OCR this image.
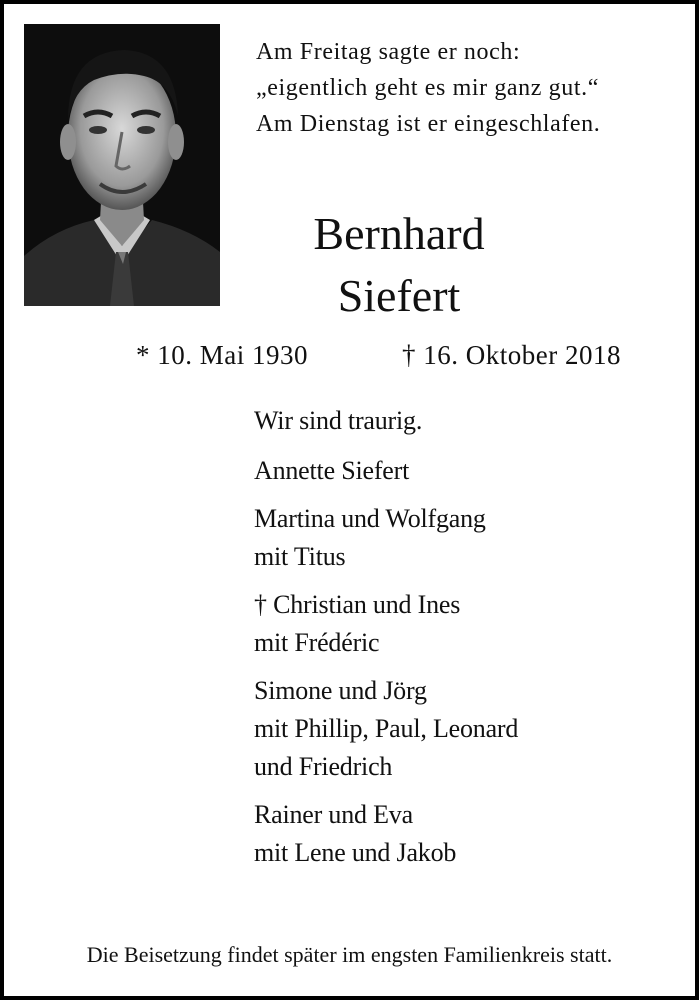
Am Freitag sagte er noch:
„eigentlich geht es mir ganz gut.“
Am Dienstag ist er eingeschlafen.
Bernhard
Siefert
* 10. Mai 1930	† 16. Oktober 2018
Wir sind traurig.
Annette Siefert
Martina und Wolfgang
mit Titus
† Christian und Ines
mit Frédéric
Simone und Jörg
mit Phillip, Paul, Leonard
und Friedrich
Rainer und Eva
mit Lene und Jakob
Die Beisetzung findet später im engsten Familienkreis statt.
